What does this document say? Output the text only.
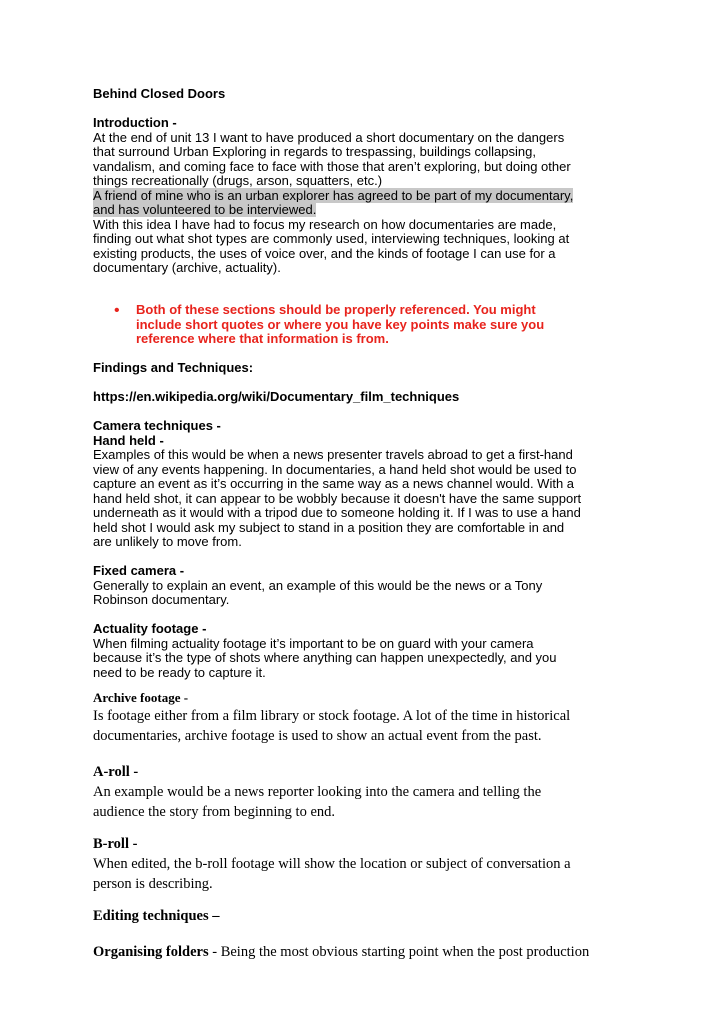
Behind Closed Doors
Introduction -
At the end of unit 13 I want to have produced a short documentary on the dangers
that surround Urban Exploring in regards to trespassing, buildings collapsing,
vandalism, and coming face to face with those that aren’t exploring, but doing other
things recreationally (drugs, arson, squatters, etc.)
A friend of mine who is an urban explorer has agreed to be part of my documentary,
and has volunteered to be interviewed.
With this idea I have had to focus my research on how documentaries are made,
finding out what shot types are commonly used, interviewing techniques, looking at
existing products, the uses of voice over, and the kinds of footage I can use for a
documentary (archive, actuality).
• Both of these sections should be properly referenced. You might
include short quotes or where you have key points make sure you
reference where that information is from.
Findings and Techniques:
https://en.wikipedia.org/wiki/Documentary_film_techniques
Camera techniques -
Hand held -
Examples of this would be when a news presenter travels abroad to get a first-hand
view of any events happening. In documentaries, a hand held shot would be used to
capture an event as it’s occurring in the same way as a news channel would. With a
hand held shot, it can appear to be wobbly because it doesn't have the same support
underneath as it would with a tripod due to someone holding it. If I was to use a hand
held shot I would ask my subject to stand in a position they are comfortable in and
are unlikely to move from.
Fixed camera -
Generally to explain an event, an example of this would be the news or a Tony
Robinson documentary.
Actuality footage -
When filming actuality footage it’s important to be on guard with your camera
because it’s the type of shots where anything can happen unexpectedly, and you
need to be ready to capture it.
Archive footage -
Is footage either from a film library or stock footage. A lot of the time in historical
documentaries, archive footage is used to show an actual event from the past.
A-roll -
An example would be a news reporter looking into the camera and telling the
audience the story from beginning to end.
B-roll -
When edited, the b-roll footage will show the location or subject of conversation a
person is describing.
Editing techniques –
Organising folders - Being the most obvious starting point when the post production
